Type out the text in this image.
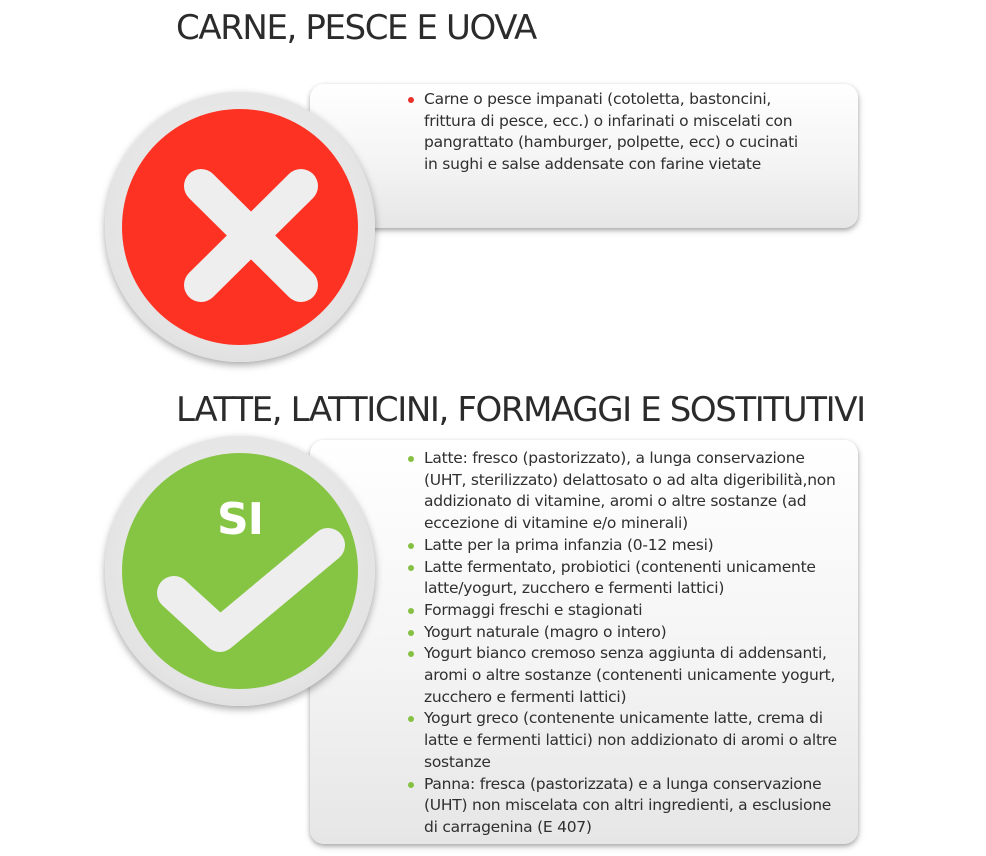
CARNE, PESCE E UOVA
Carne o pesce impanati (cotoletta, bastoncini, frittura di pesce, ecc.) o infarinati o miscelati con pangrattato (hamburger, polpette, ecc) o cucinati in sughi e salse addensate con farine vietate
LATTE, LATTICINI, FORMAGGI E SOSTITUTIVI
Latte: fresco (pastorizzato), a lunga conservazione (UHT, sterilizzato) delattosato o ad alta digeribilità,non addizionato di vitamine, aromi o altre sostanze (ad eccezione di vitamine e/o minerali)
Latte per la prima infanzia (0-12 mesi)
Latte fermentato, probiotici (contenenti unicamente latte/yogurt, zucchero e fermenti lattici)
Formaggi freschi e stagionati
Yogurt naturale (magro o intero)
Yogurt bianco cremoso senza aggiunta di addensanti, aromi o altre sostanze (contenenti unicamente yogurt, zucchero e fermenti lattici)
Yogurt greco (contenente unicamente latte, crema di latte e fermenti lattici) non addizionato di aromi o altre sostanze
Panna: fresca (pastorizzata) e a lunga conservazione (UHT) non miscelata con altri ingredienti, a esclusione di carragenina (E 407)
SI
